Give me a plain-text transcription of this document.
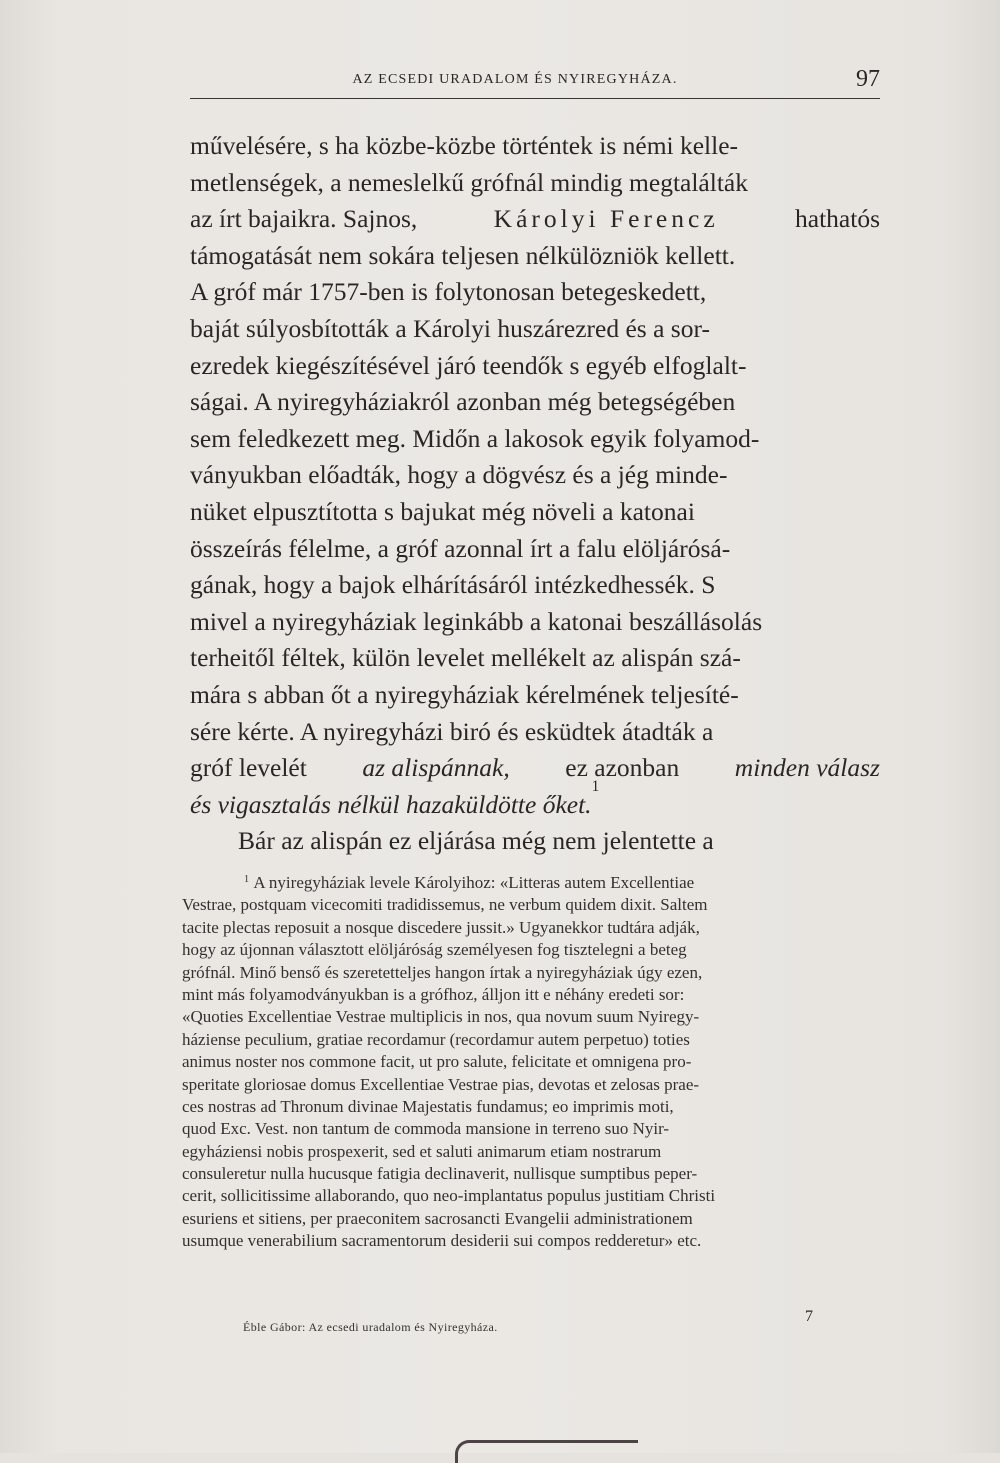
AZ ECSEDI URADALOM ÉS NYIREGYHÁZA.	97
művelésére, s ha közbe-közbe történtek is némi kelle-
metlenségek, a nemeslelkű grófnál mindig megtalálták
az írt bajaikra. Sajnos,	Károlyi Ferencz	hathatós
támogatását nem sokára teljesen nélkülözniök kellett.
A gróf már 1757-ben is folytonosan betegeskedett,
baját súlyosbították a Károlyi huszárezred és a sor-
ezredek kiegészítésével járó teendők s egyéb elfoglalt-
ságai. A nyiregyháziakról azonban még betegségében
sem feledkezett meg. Midőn a lakosok egyik folyamod-
ványukban előadták, hogy a dögvész és a jég minde-
nüket elpusztította s bajukat még növeli a katonai
összeírás félelme, a gróf azonnal írt a falu elöljárósá-
gának, hogy a bajok elhárításáról intézkedhessék. S
mivel a nyiregyháziak leginkább a katonai beszállásolás
terheitől féltek, külön levelet mellékelt az alispán szá-
mára s abban őt a nyiregyháziak kérelmének teljesíté-
sére kérte. A nyiregyházi biró és esküdtek átadták a
gróf levelét az alispánnak, ez azonban minden válasz
és vigasztalás nélkül hazaküldötte őket.
1
Bár az alispán ez eljárása még nem jelentette a
$^1$ A nyiregyháziak levele Károlyihoz: «Litteras autem Excellentiae
Vestrae, postquam vicecomiti tradidissemus, ne verbum quidem dixit. Saltem
tacite plectas reposuit a nosque discedere jussit.» Ugyanekkor tudtára adják,
hogy az újonnan választott elöljáróság személyesen fog tisztelegni a beteg
grófnál. Minő benső és szeretetteljes hangon írtak a nyiregyháziak úgy ezen,
mint más folyamodványukban is a grófhoz, álljon itt e néhány eredeti sor:
«Quoties Excellentiae Vestrae multiplicis in nos, qua novum suum Nyiregy-
háziense peculium, gratiae recordamur (recordamur autem perpetuo) toties
animus noster nos commone facit, ut pro salute, felicitate et omnigena pro-
speritate gloriosae domus Excellentiae Vestrae pias, devotas et zelosas prae-
ces nostras ad Thronum divinae Majestatis fundamus; eo imprimis moti,
quod Exc. Vest. non tantum de commoda mansione in terreno suo Nyir-
egyháziensi nobis prospexerit, sed et saluti animarum etiam nostrarum
consuleretur nulla hucusque fatigia declinaverit, nullisque sumptibus peper-
cerit, sollicitissime allaborando, quo neo-implantatus populus justitiam Christi
esuriens et sitiens, per praeconitem sacrosancti Evangelii administrationem
usumque venerabilium sacramentorum desiderii sui compos redderetur» etc.
7
Éble Gábor: Az ecsedi uradalom és Nyiregyháza.
